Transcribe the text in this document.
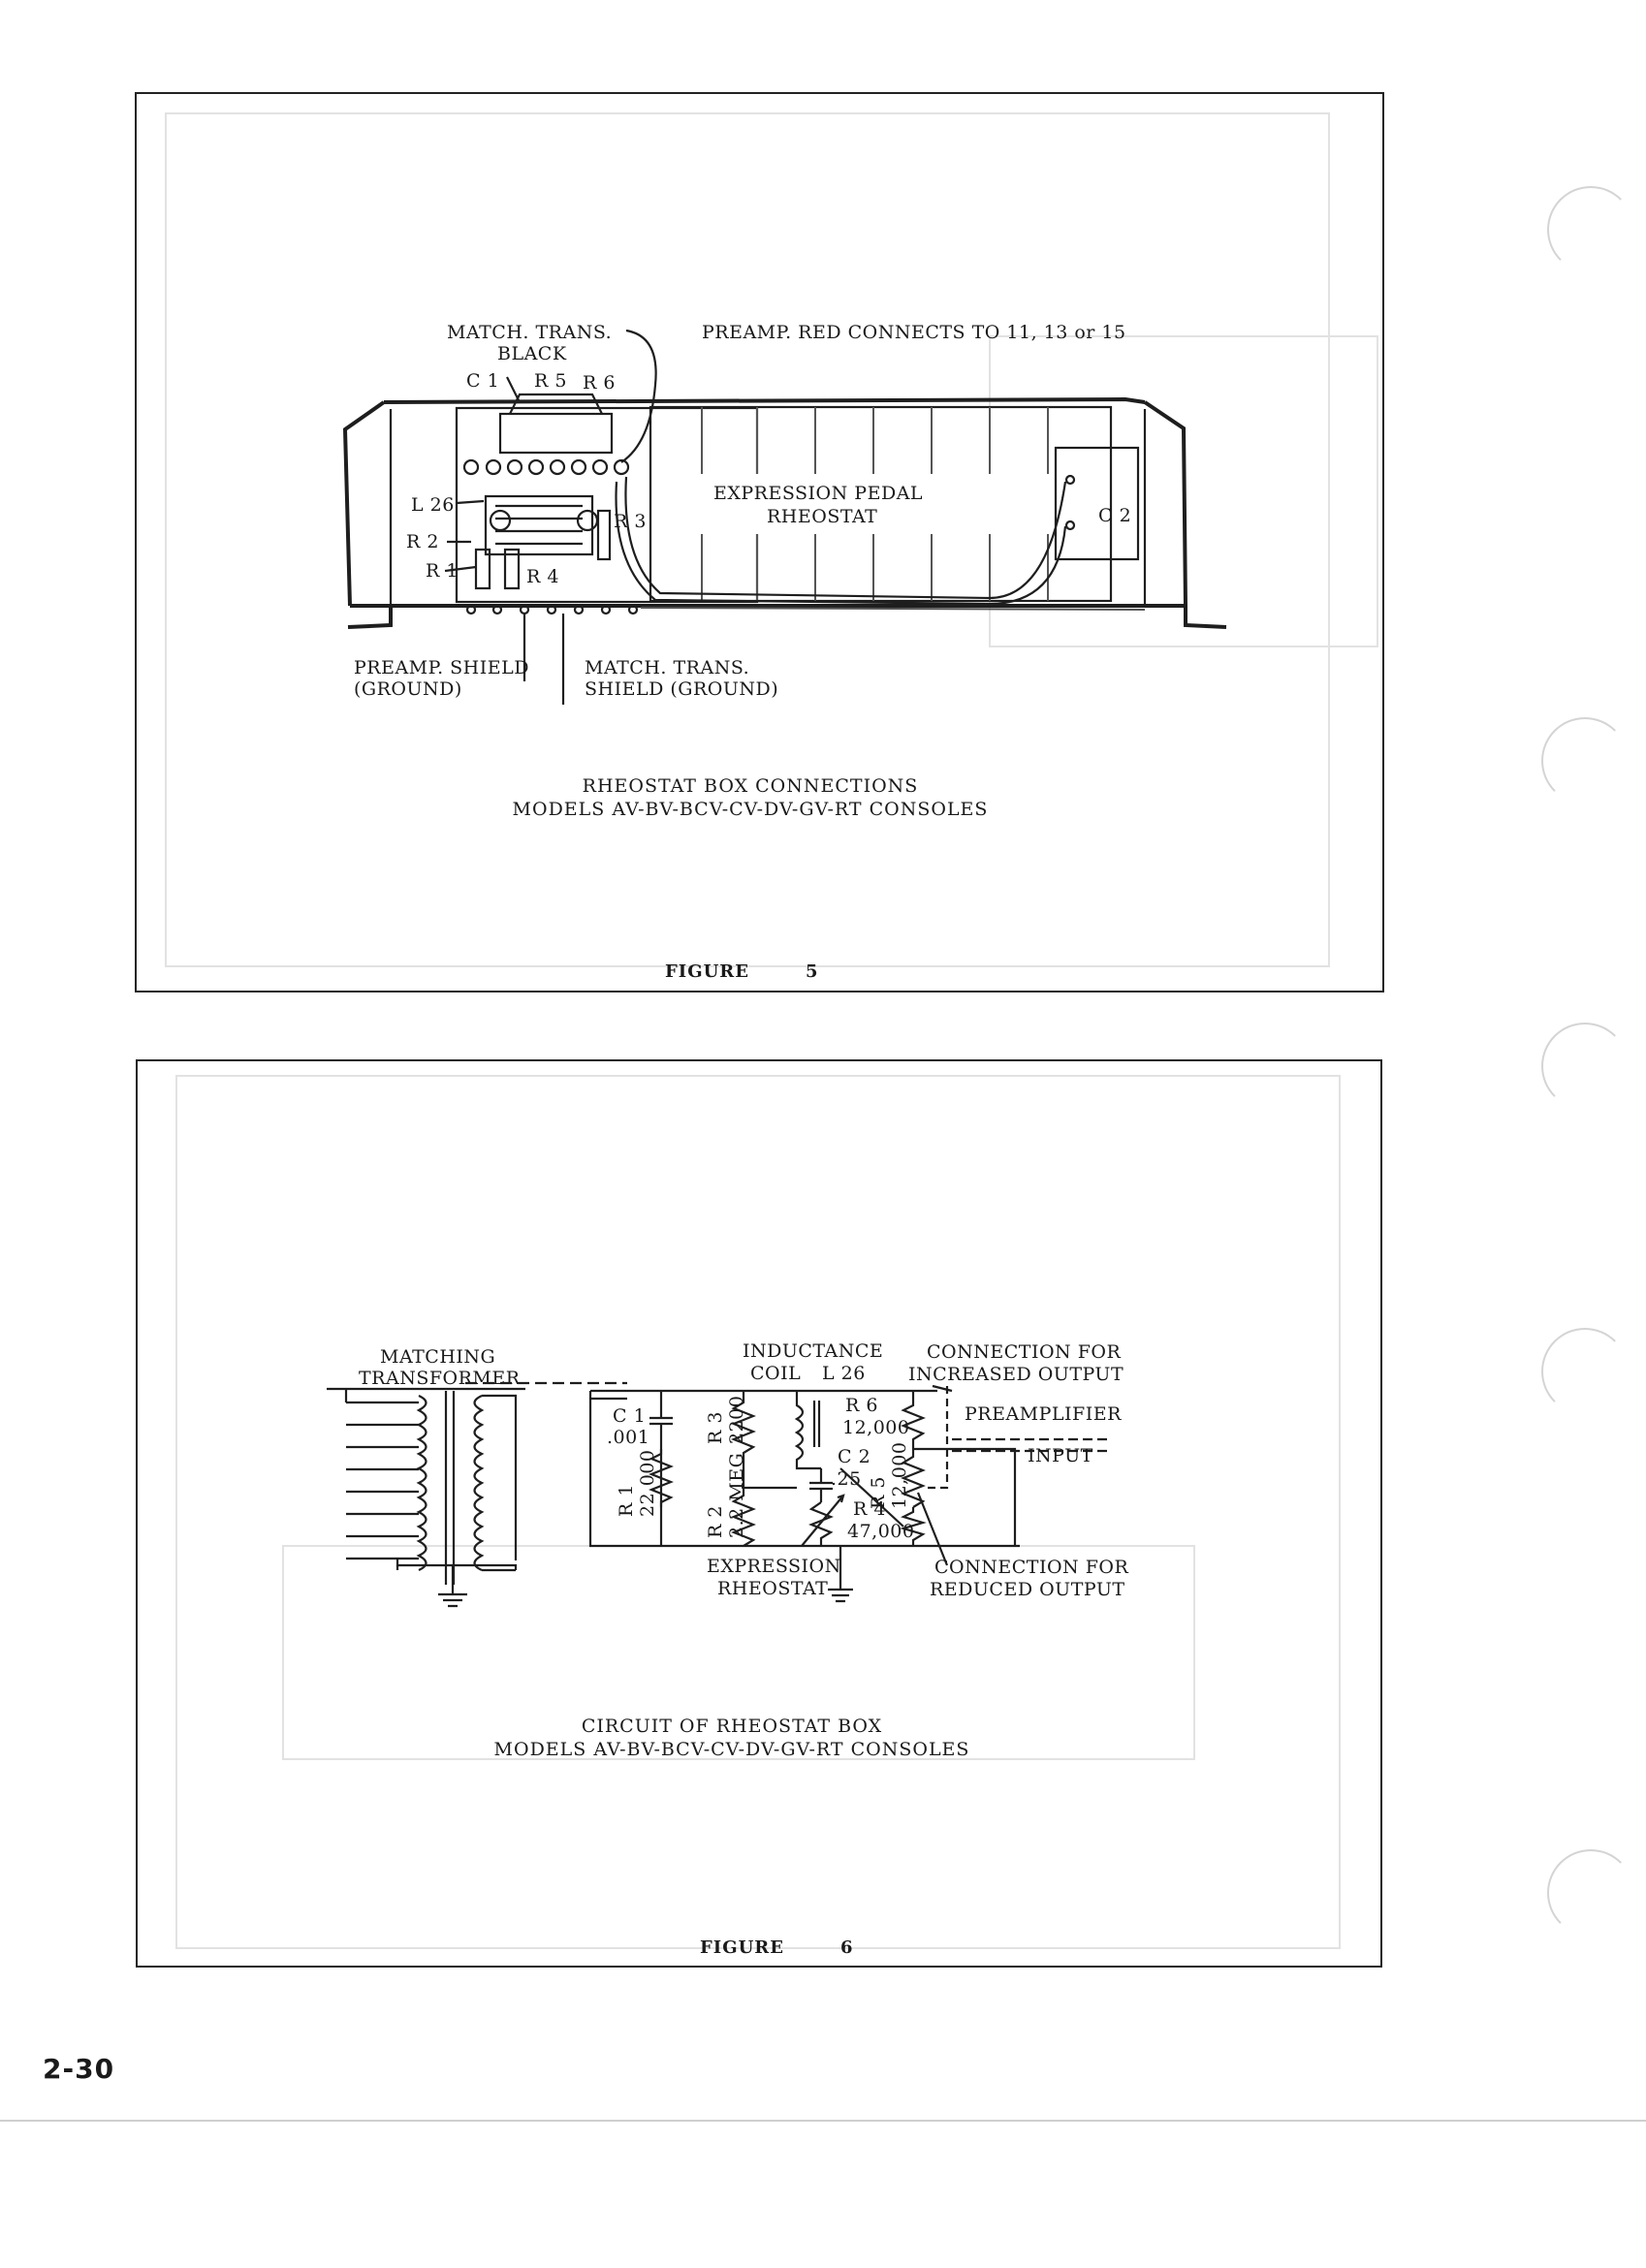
MATCH. TRANS.
BLACK
C 1 R 5 R 6
PREAMP. RED CONNECTS TO 11, 13 or 15
L 26
R 2
R 1	R 4
R 3
EXPRESSION PEDAL
RHEOSTAT	C 2
PREAMP. SHIELD
(GROUND)
MATCH. TRANS.
SHIELD (GROUND)
RHEOSTAT BOX CONNECTIONS
MODELS AV-BV-BCV-CV-DV-GV-RT CONSOLES
FIGURE	5
MATCHING
TRANSFORMER
C 1
.001
R 1 22,000
R 3 2200
R 2 2.2 MEG
INDUCTANCE
COIL L 26
C 2
.25
R 6
12,000
R 5 12,000
R 4
47,000
PREAMPLIFIER
INPUT
CONNECTION FOR
INCREASED OUTPUT
CONNECTION FOR
REDUCED OUTPUT
EXPRESSION
RHEOSTAT
CIRCUIT OF RHEOSTAT BOX
MODELS AV-BV-BCV-CV-DV-GV-RT CONSOLES
FIGURE	6
2-30
